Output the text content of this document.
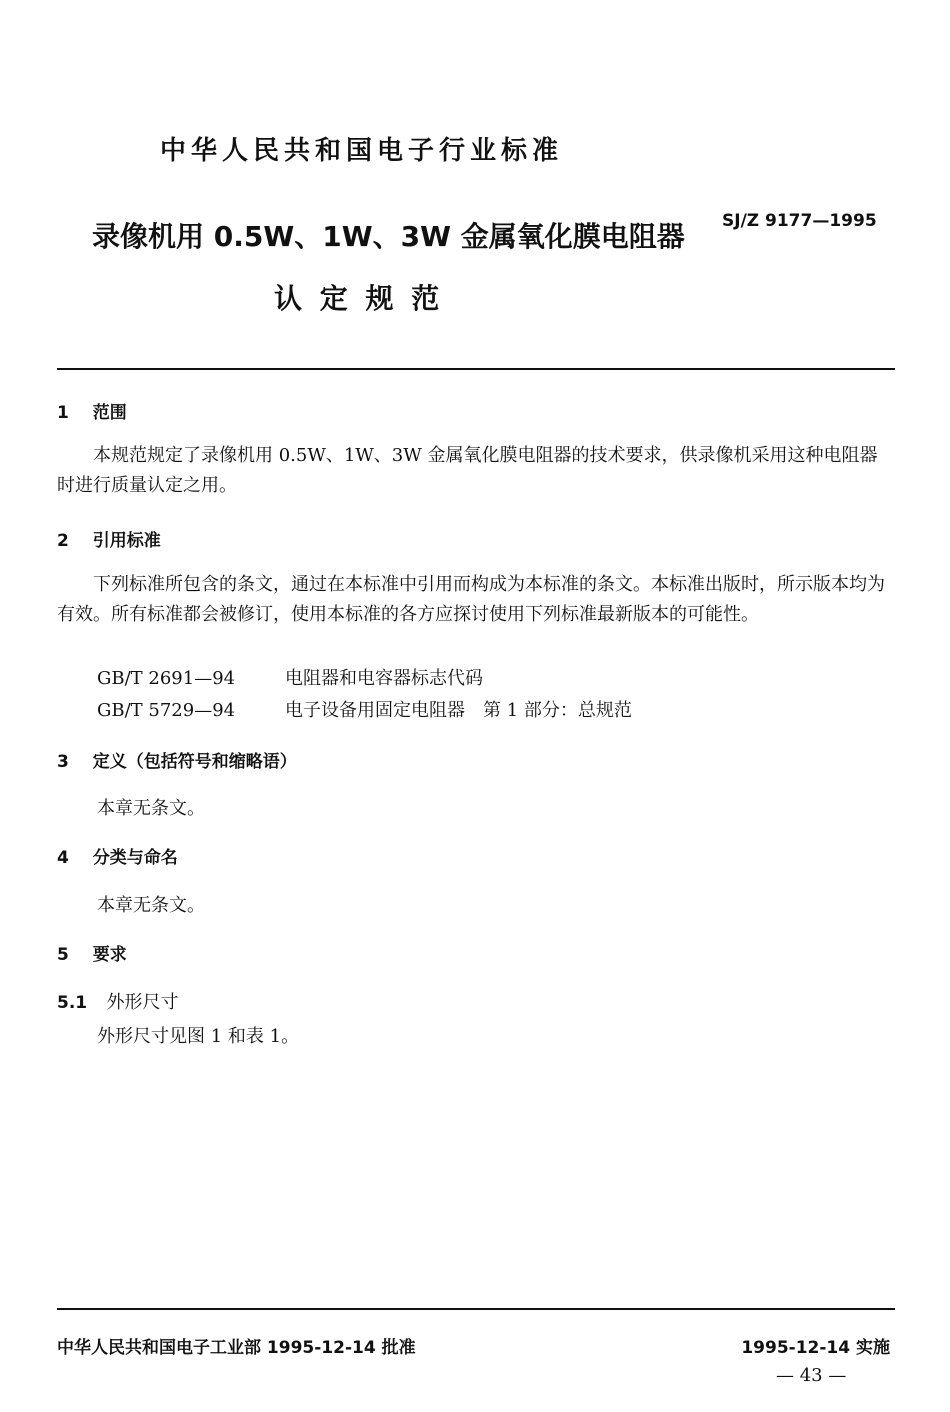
中华人民共和国电子行业标准
录像机用 0.5W、1W、3W 金属氧化膜电阻器 SJ/Z 9177—1995
认 定 规 范
1 范围
本规范规定了录像机用 0.5W、1W、3W 金属氧化膜电阻器的技术要求，供录像机采用这种电阻器时进行质量认定之用。
2 引用标准
下列标准所包含的条文，通过在本标准中引用而构成为本标准的条文。本标准出版时，所示版本均为有效。所有标准都会被修订，使用本标准的各方应探讨使用下列标准最新版本的可能性。
GB/T 2691—94	电阻器和电容器标志代码
GB/T 5729—94	电子设备用固定电阻器　第 1 部分：总规范
3 定义（包括符号和缩略语）
本章无条文。
4 分类与命名
本章无条文。
5 要求
5.1 外形尺寸
外形尺寸见图 1 和表 1。
中华人民共和国电子工业部 1995-12-14 批准	1995-12-14 实施
— 43 —
